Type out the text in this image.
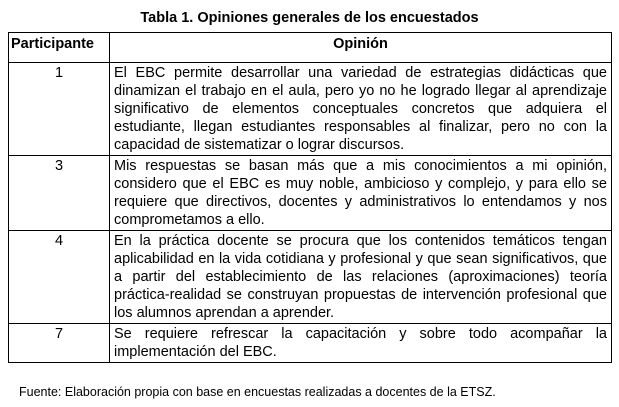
Tabla 1. Opiniones generales de los encuestados
Participante	Opinión
1	El EBC permite desarrollar una variedad de estrategias didácticas que dinamizan el trabajo en el aula, pero yo no he logrado llegar al aprendizaje significativo de elementos conceptuales concretos que adquiera el estudiante, llegan estudiantes responsables al finalizar, pero no con la capacidad de sistematizar o lograr discursos.
3	Mis respuestas se basan más que a mis conocimientos a mi opinión, considero que el EBC es muy noble, ambicioso y complejo, y para ello se requiere que directivos, docentes y administrativos lo entendamos y nos comprometamos a ello.
4	En la práctica docente se procura que los contenidos temáticos tengan aplicabilidad en la vida cotidiana y profesional y que sean significativos, que a partir del establecimiento de las relaciones (aproximaciones) teoría práctica-realidad se construyan propuestas de intervención profesional que los alumnos aprendan a aprender.
7	Se requiere refrescar la capacitación y sobre todo acompañar la implementación del EBC.
Fuente: Elaboración propia con base en encuestas realizadas a docentes de la ETSZ.
